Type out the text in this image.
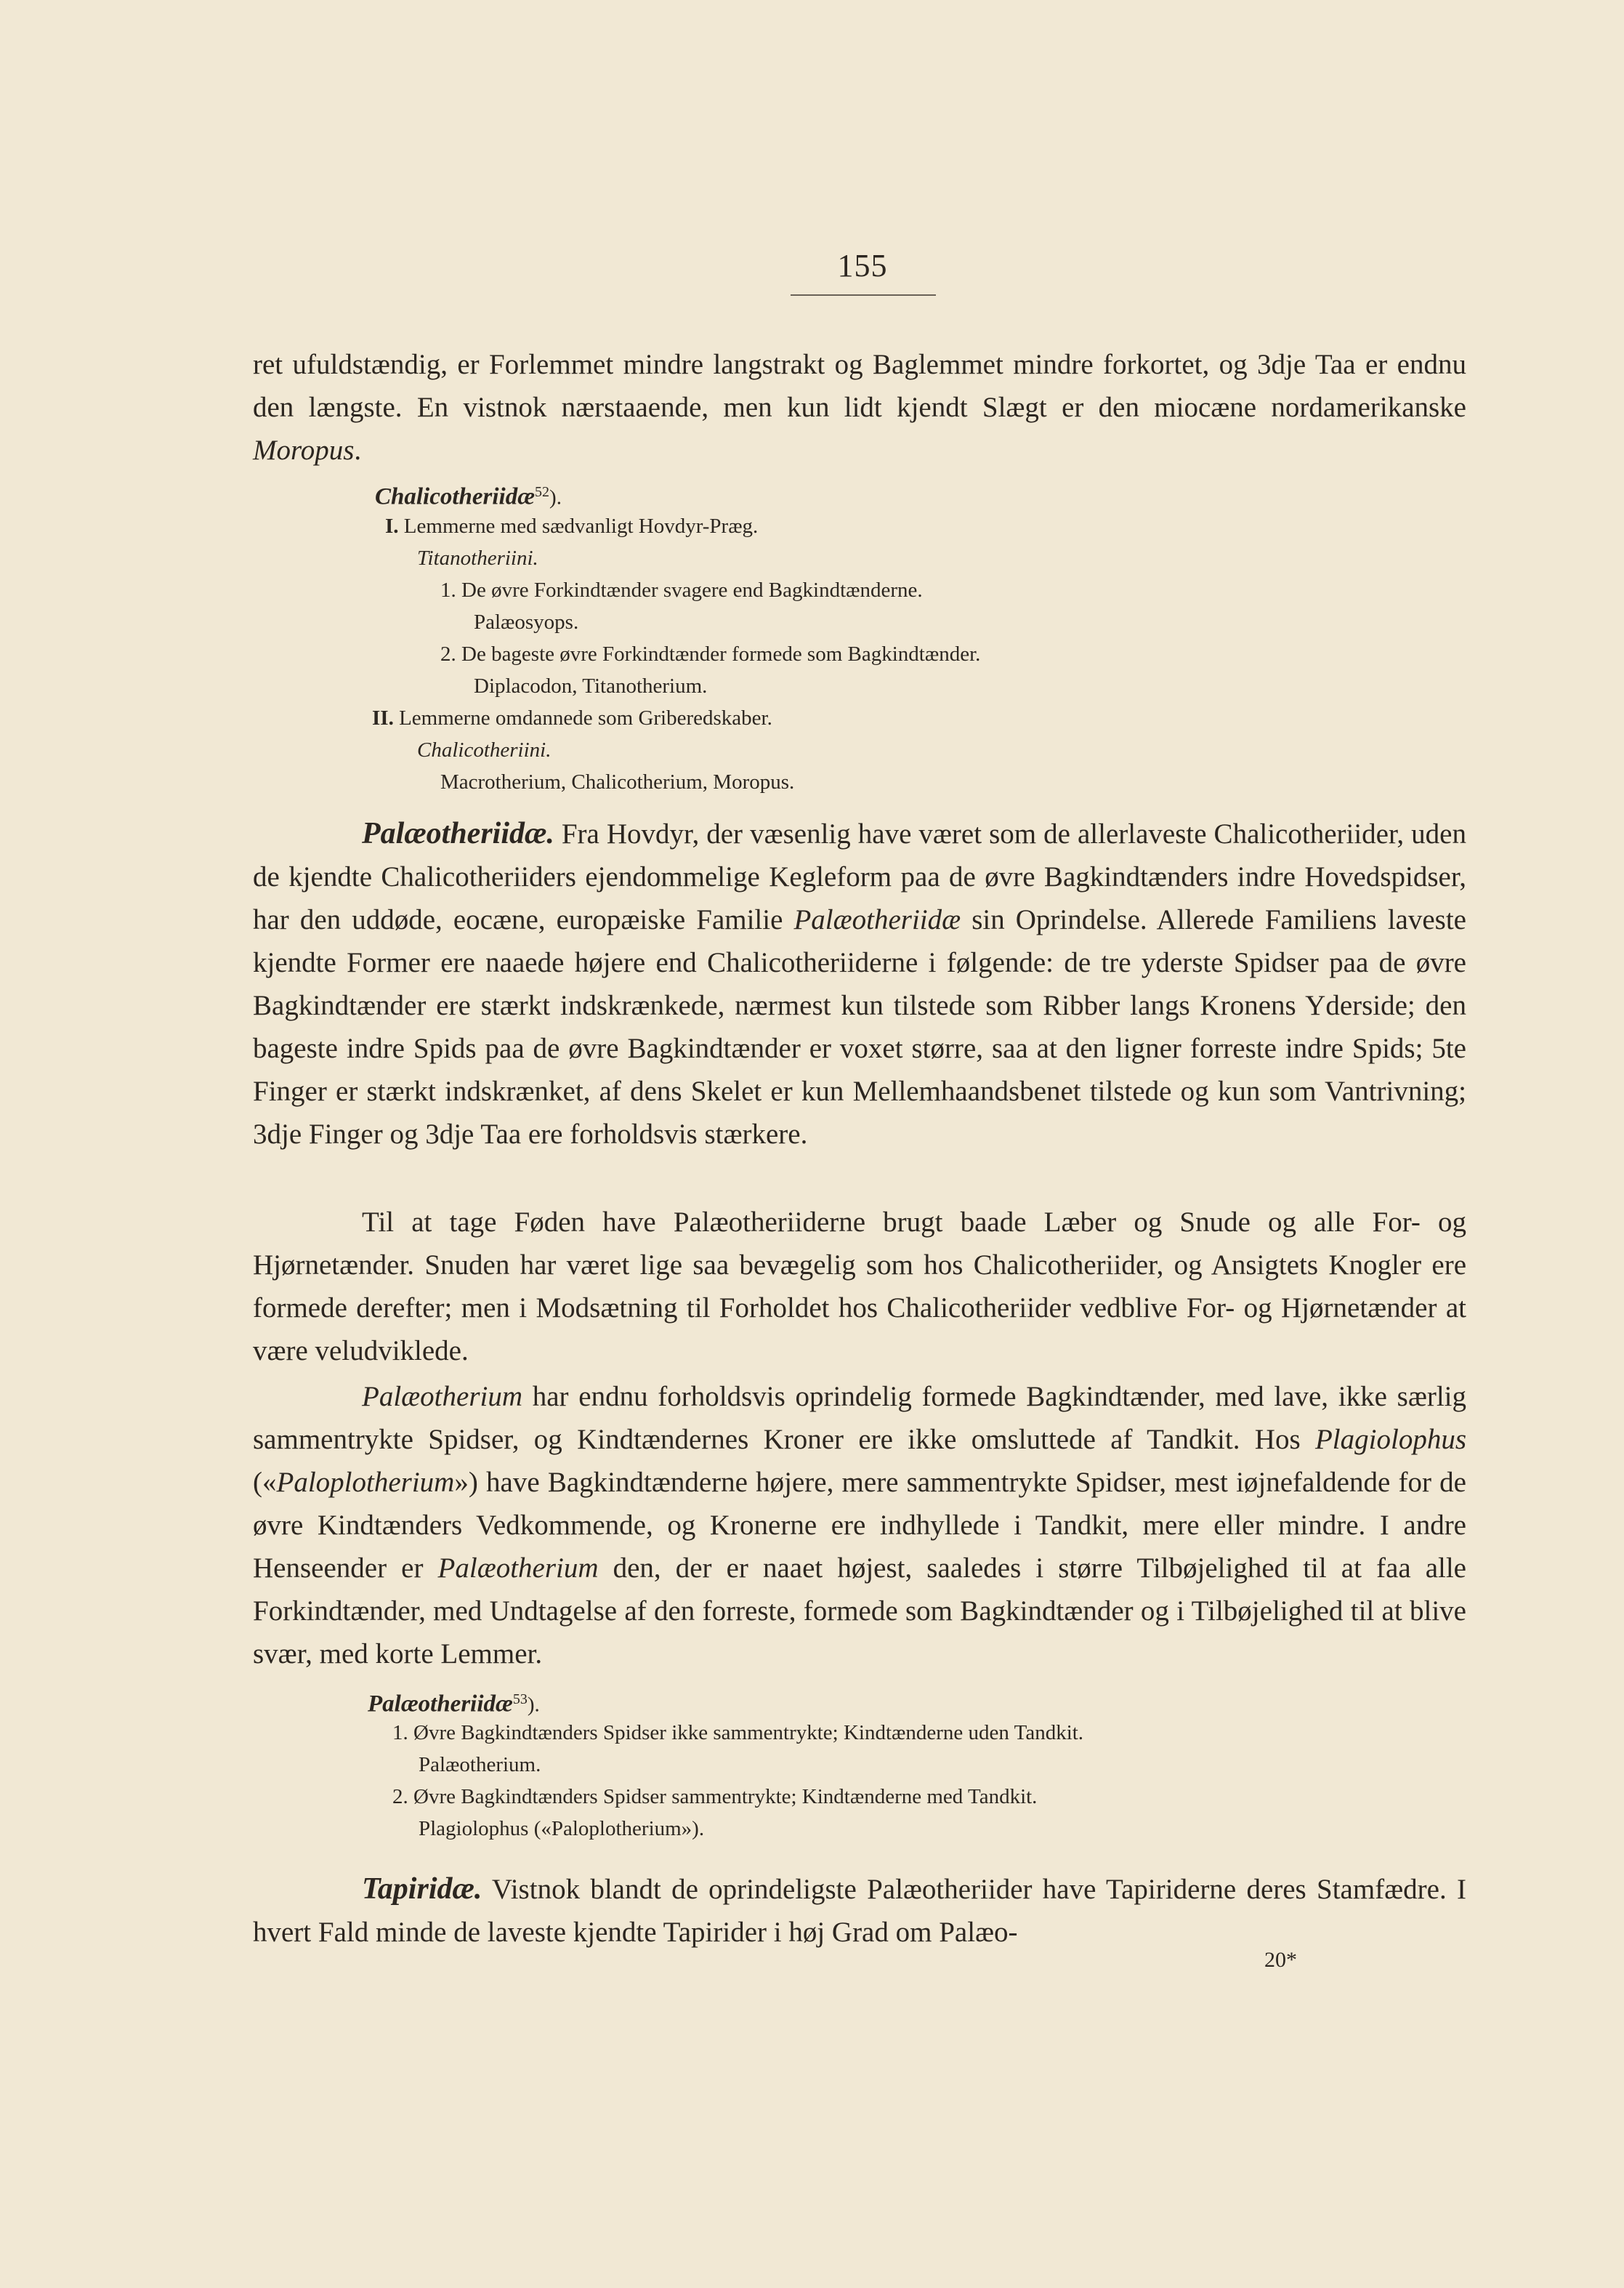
155

ret ufuldstændig, er Forlemmet mindre langstrakt og Baglemmet mindre forkortet, og 3dje Taa er endnu den længste. En vistnok nærstaaende, men kun lidt kjendt Slægt er den miocæne nordamerikanske Moropus.

Chalicotheriidæ$^{52}$).
I. Lemmerne med sædvanligt Hovdyr-Præg.
Titanotheriini.
1. De øvre Forkindtænder svagere end Bagkindtænderne.
Palæosyops.
2. De bageste øvre Forkindtænder formede som Bagkindtænder.
Diplacodon, Titanotherium.
II. Lemmerne omdannede som Griberedskaber.
Chalicotheriini.
Macrotherium, Chalicotherium, Moropus.

Palæotheriidæ. Fra Hovdyr, der væsenlig have været som de allerlaveste Chalicotheriider, uden de kjendte Chalicotheriiders ejendommelige Kegleform paa de øvre Bagkindtænders indre Hovedspidser, har den uddøde, eocæne, europæiske Familie Palæotheriidæ sin Oprindelse. Allerede Familiens laveste kjendte Former ere naaede højere end Chalicotheriiderne i følgende: de tre yderste Spidser paa de øvre Bagkindtænder ere stærkt indskrænkede, nærmest kun tilstede som Ribber langs Kronens Yderside; den bageste indre Spids paa de øvre Bagkindtænder er voxet større, saa at den ligner forreste indre Spids; 5te Finger er stærkt indskrænket, af dens Skelet er kun Mellemhaandsbenet tilstede og kun som Vantrivning; 3dje Finger og 3dje Taa ere forholdsvis stærkere.

Til at tage Føden have Palæotheriiderne brugt baade Læber og Snude og alle For- og Hjørnetænder. Snuden har været lige saa bevægelig som hos Chalicotheriider, og Ansigtets Knogler ere formede derefter; men i Modsætning til Forholdet hos Chalicotheriider vedblive For- og Hjørnetænder at være veludviklede.

Palæotherium har endnu forholdsvis oprindelig formede Bagkindtænder, med lave, ikke særlig sammentrykte Spidser, og Kindtændernes Kroner ere ikke omsluttede af Tandkit. Hos Plagiolophus («Paloplotherium») have Bagkindtænderne højere, mere sammentrykte Spidser, mest iøjnefaldende for de øvre Kindtænders Vedkommende, og Kronerne ere indhyllede i Tandkit, mere eller mindre. I andre Henseender er Palæotherium den, der er naaet højest, saaledes i større Tilbøjelighed til at faa alle Forkindtænder, med Undtagelse af den forreste, formede som Bagkindtænder og i Tilbøjelighed til at blive svær, med korte Lemmer.

Palæotheriidæ$^{53}$).
1. Øvre Bagkindtænders Spidser ikke sammentrykte; Kindtænderne uden Tandkit.
Palæotherium.
2. Øvre Bagkindtænders Spidser sammentrykte; Kindtænderne med Tandkit.
Plagiolophus («Paloplotherium»).

Tapiridæ. Vistnok blandt de oprindeligste Palæotheriider have Tapiriderne deres Stamfædre. I hvert Fald minde de laveste kjendte Tapirider i høj Grad om Palæo-

20*
